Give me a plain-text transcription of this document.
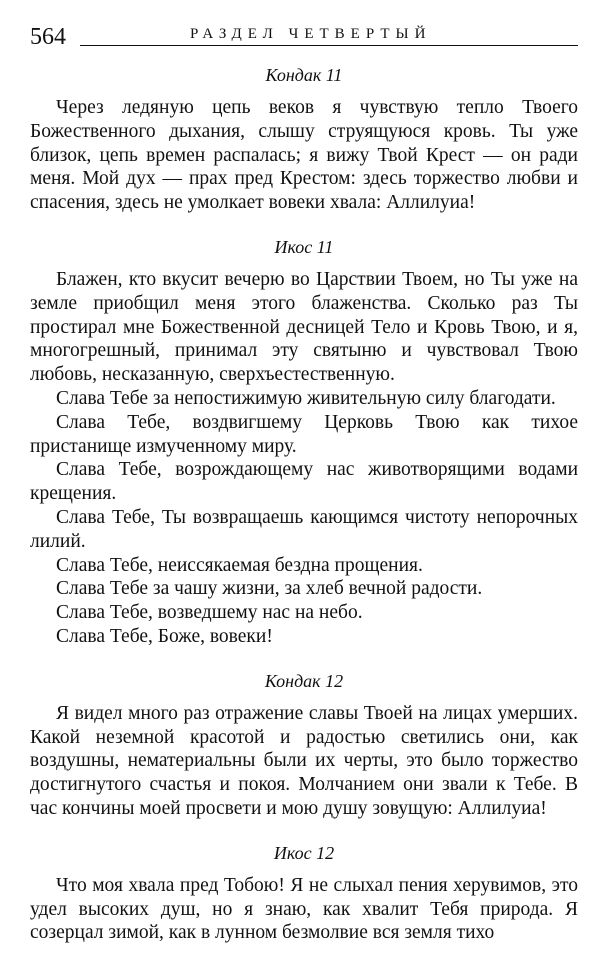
564	РАЗДЕЛ ЧЕТВЕРТЫЙ
Кондак 11

Через ледяную цепь веков я чувствую тепло Твоего Божественного дыхания, слышу струящуюся кровь. Ты уже близок, цепь времен распалась; я вижу Твой Крест — он ради меня. Мой дух — прах пред Крестом: здесь торжество любви и спасения, здесь не умолкает вовеки хвала: Аллилуиа!

Икос 11

Блажен, кто вкусит вечерю во Царствии Твоем, но Ты уже на земле приобщил меня этого блаженства. Сколько раз Ты простирал мне Божественной десницей Тело и Кровь Твою, и я, многогрешный, принимал эту святыню и чувствовал Твою любовь, несказанную, сверхъестественную.

Слава Тебе за непостижимую живительную силу благодати.

Слава Тебе, воздвигшему Церковь Твою как тихое пристанище измученному миру.

Слава Тебе, возрождающему нас животворящими водами крещения.

Слава Тебе, Ты возвращаешь кающимся чистоту непорочных лилий.

Слава Тебе, неиссякаемая бездна прощения.

Слава Тебе за чашу жизни, за хлеб вечной радости.

Слава Тебе, возведшему нас на небо.

Слава Тебе, Боже, вовеки!

Кондак 12

Я видел много раз отражение славы Твоей на лицах умерших. Какой неземной красотой и радостью светились они, как воздушны, нематериальны были их черты, это было торжество достигнутого счастья и покоя. Молчанием они звали к Тебе. В час кончины моей просвети и мою душу зовущую: Аллилуиа!

Икос 12

Что моя хвала пред Тобою! Я не слыхал пения херувимов, это удел высоких душ, но я знаю, как хвалит Тебя природа. Я созерцал зимой, как в лунном безмолвие вся земля тихо
